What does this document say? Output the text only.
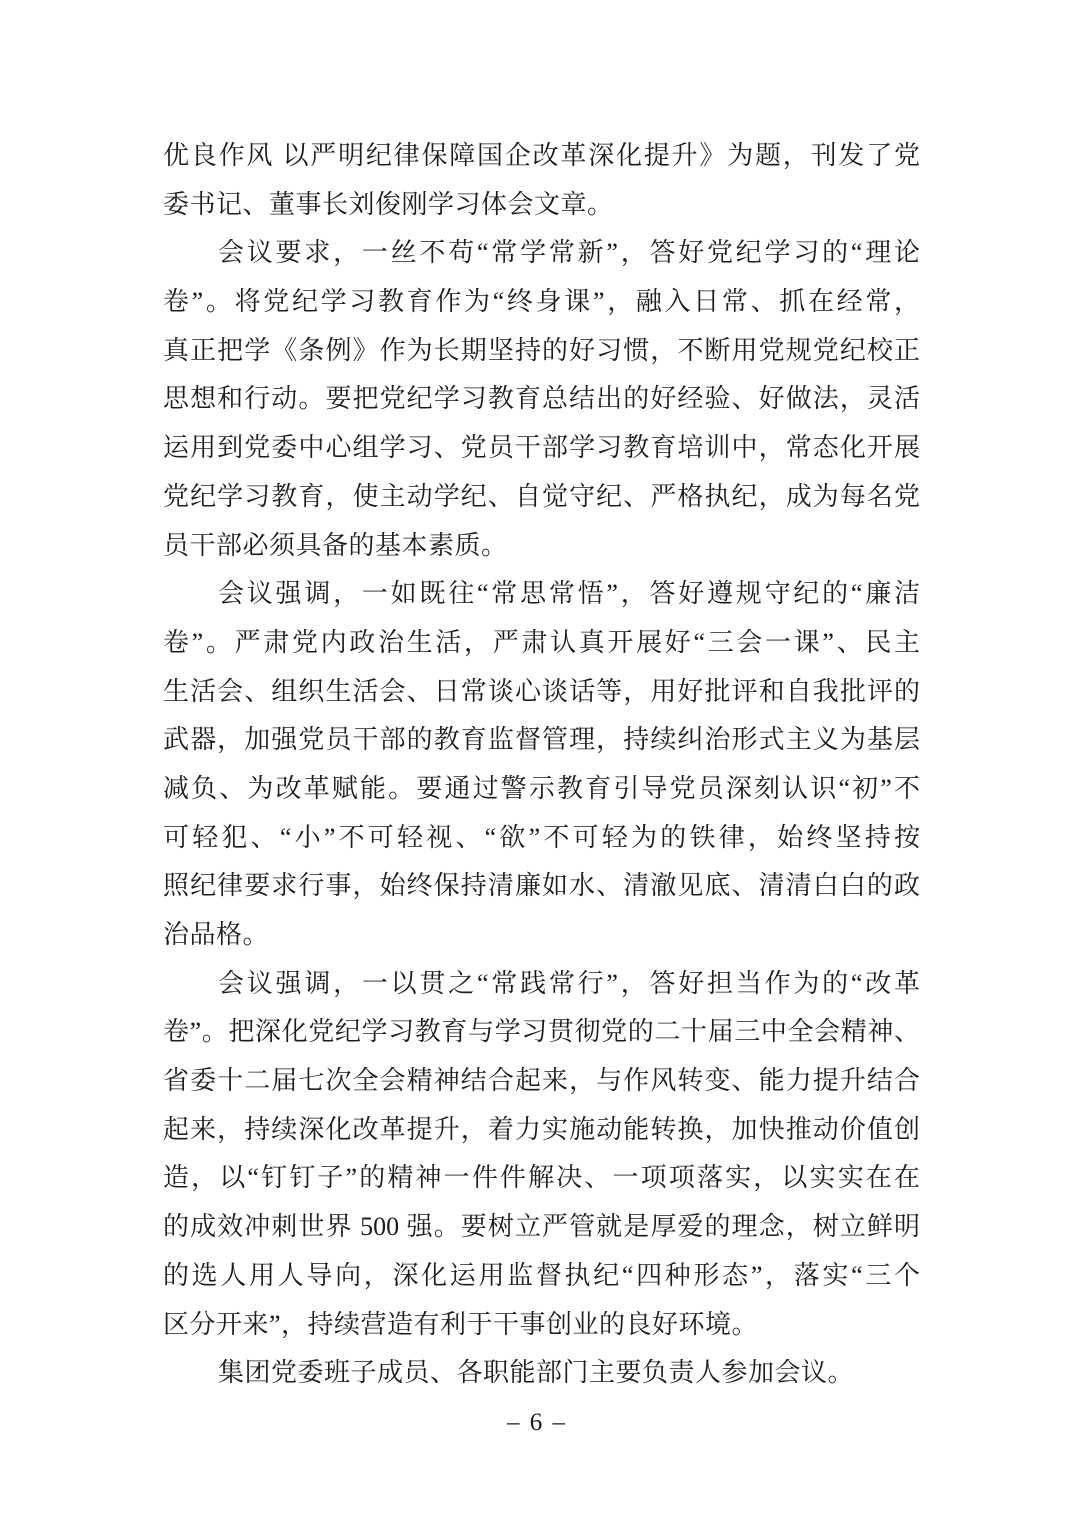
优良作风 以严明纪律保障国企改革深化提升》为题，刊发了党
委书记、董事长刘俊刚学习体会文章。
会议要求，一丝不苟“常学常新”，答好党纪学习的“理论
卷”。将党纪学习教育作为“终身课”，融入日常、抓在经常，
真正把学《条例》作为长期坚持的好习惯，不断用党规党纪校正
思想和行动。要把党纪学习教育总结出的好经验、好做法，灵活
运用到党委中心组学习、党员干部学习教育培训中，常态化开展
党纪学习教育，使主动学纪、自觉守纪、严格执纪，成为每名党
员干部必须具备的基本素质。
会议强调，一如既往“常思常悟”，答好遵规守纪的“廉洁
卷”。严肃党内政治生活，严肃认真开展好“三会一课”、民主
生活会、组织生活会、日常谈心谈话等，用好批评和自我批评的
武器，加强党员干部的教育监督管理，持续纠治形式主义为基层
减负、为改革赋能。要通过警示教育引导党员深刻认识“初”不
可轻犯、“小”不可轻视、“欲”不可轻为的铁律，始终坚持按
照纪律要求行事，始终保持清廉如水、清澈见底、清清白白的政
治品格。
会议强调，一以贯之“常践常行”，答好担当作为的“改革
卷”。把深化党纪学习教育与学习贯彻党的二十届三中全会精神、
省委十二届七次全会精神结合起来，与作风转变、能力提升结合
起来，持续深化改革提升，着力实施动能转换，加快推动价值创
造，以“钉钉子”的精神一件件解决、一项项落实，以实实在在
的成效冲刺世界 500 强。要树立严管就是厚爱的理念，树立鲜明
的选人用人导向，深化运用监督执纪“四种形态”，落实“三个
区分开来”，持续营造有利于干事创业的良好环境。
集团党委班子成员、各职能部门主要负责人参加会议。
– 6 –
